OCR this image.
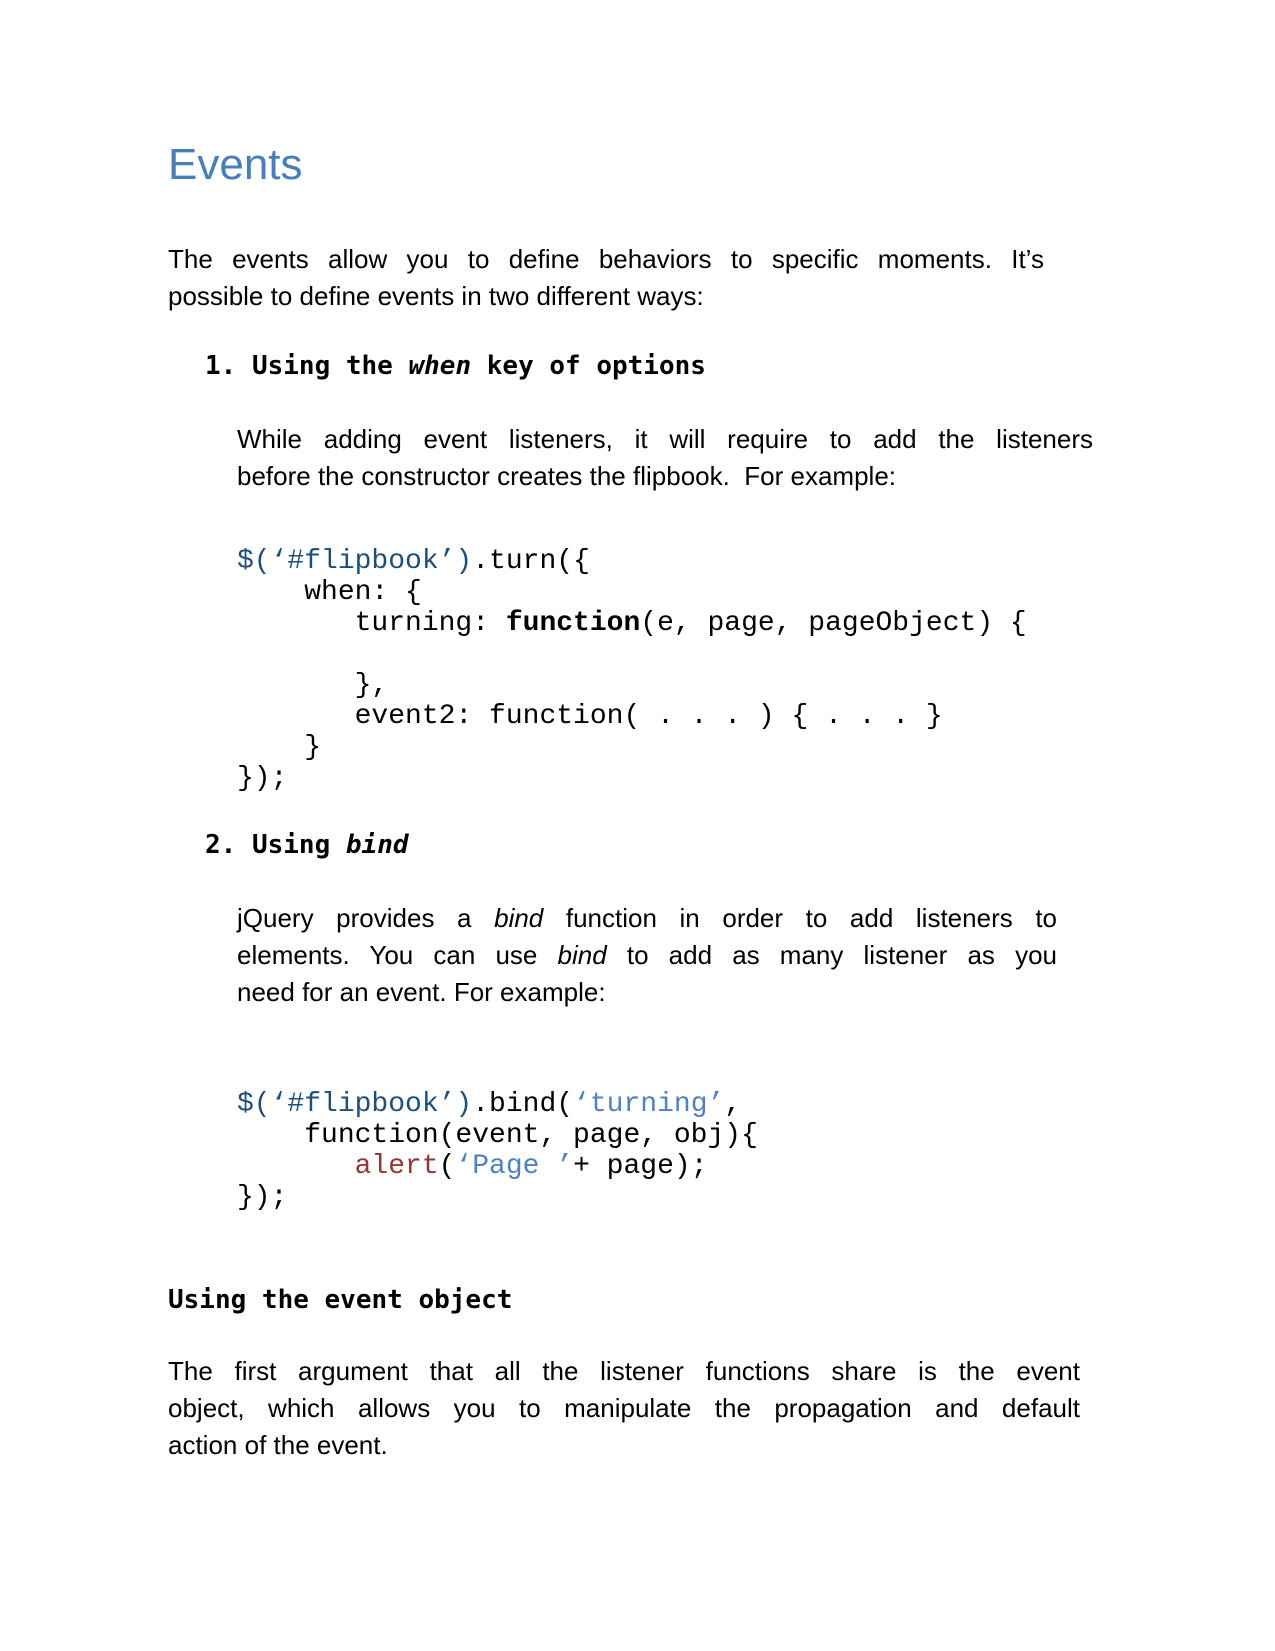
Events
The events allow you to define behaviors to specific moments. It’s
possible to define events in two different ways:
1. Using the when key of options
While adding event listeners, it will require to add the listeners
before the constructor creates the flipbook.  For example:
$(‘#flipbook’).turn({
when: {
turning: function(e, page, pageObject) {
},
event2: function( . . . ) { . . . }
}
});
2. Using bind
jQuery provides a bind function in order to add listeners to
elements. You can use bind to add as many listener as you
need for an event. For example:
$(‘#flipbook’).bind(‘turning’,
function(event, page, obj){
alert(‘Page ’+ page);
});
Using the event object
The first argument that all the listener functions share is the event
object, which allows you to manipulate the propagation and default
action of the event.
